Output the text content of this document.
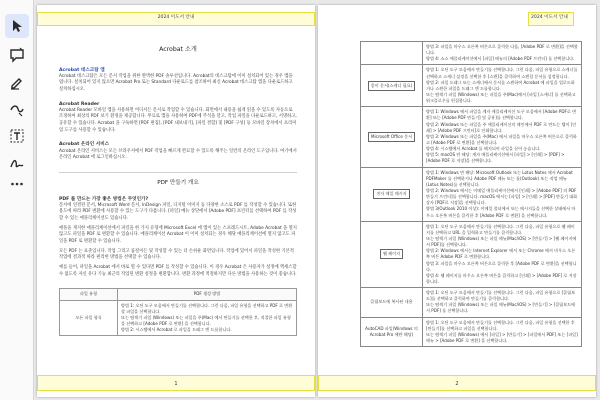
2024 이도서 안내
Acrobat 소개
Acrobat 데스크탑 앱
Acrobat 데스크탑은 모든 문서 작업을 위한 완벽한 PDF 솔루션입니다. Acrobat의 데스크탑에 이미 설치되어 있는 경우 앱을 엽니다. 설치되어 있지 않으면 Acrobat Pro 또는 Standard 다운로드를 참조하여 최신 Acrobat 데스크탑 앱을 다운로드하고 설치하십시오.
Acrobat Reader
Acrobat Reader 모바일 앱을 사용하면 어디서든 문서로 작업할 수 있습니다. 화면에서 내용을 쉽게 읽을 수 있도록 자동으로 조정하여 최상의 PDF 보기 환경을 제공합니다. 무료로 앱을 사용하여 PDF에 주석을 달고, 작업 파일을 다운로드하고, 서명하고, 공유할 수 있습니다. Acrobat 을 구독하면 [PDF 편집], [PDF 내보내기], [파일 결합] 및 [PDF 구성] 등 모바일 장치에서 프리미엄 도구를 사용할 수 있습니다.
Acrobat 온라인 서비스
Acrobat 온라인 서비스는 모든 브라우저에서 PDF 작업을 빠르게 완료할 수 있도록 해주는 일련의 온라인 도구입니다. 여기에서 온라인 Acrobat 에 로그인하십시오.
PDF 만들기 개요
PDF 를 만드는 가장 좋은 방법은 무엇인가?
문서에 연결된 문서, Microsoft Word 문서, InDesign 파일, 디지털 이미지 등 다양한 소스로 PDF 를 작성할 수 있습니다. 또한 용도에 따라 PDF 변환에 사용할 수 있는 도구가 다릅니다. [파일] 메뉴 상단에서 [Adobe PDF] 프린터를 선택하여 PDF 를 작성할 수 있는 애플리케이션도 있습니다.
애플을 계지한 애플리케이션에서 파일을 한 가지 유형에 Microsoft Excel 에 앱이 있는 스프레드시트, Adobe Acrobat 을 열지 않고도 파일을 PDF 로 변환할 수 있습니다. 애플리케이션 Acrobat 이 이미 설치되는 경우 해당 애플리케이션에 열지 않고도 파일을 PDF 로 변환할 수 있습니다.
모든 PDF 는 표준입니다. 작업 그리고 품질이든 및 작성할 수 있는 더 손쉬운 화면입니다. 작업에 있어서 파일을 작성한 기본적 작업에 결과적 따라 편리한 방법을 선택할 수 있습니다.
예를 들어, 파일을 Acrobat 에서 바로 열 수 있다면 PDF 를 작성할 수 있습니다. 이 경우 Acrobat 은 사용자가 설정에 액세스할 수 없도록 자신 유다 기능 최근의 작업된 변환 설정을 변환합니다. 변환 과정에 적절하지만 다른 방법을 사용하는 것이 좋습니다.
파일 유형	PDF 생성 방법
모든 파일 형식	방법 1: 오딘 도구 모음에서 만들기를 선택합니다. 그런 다음, 파일 유형을 선택하고 PDF 로 변환할 파일을 선택합니다.
또는 탐색기 파일 (Windows) 또는 파일을 주(Mac) 에서 만들기를 선택한 후, 적절한 파일 유형을 선택하고 [Adobe PDF 로 변환] 을 선택합니다.
방법 2: 시스템에서 Acrobat 로 파일을 드래그 앤 드롭합니다.
1
2024 이도서 안내

	방법 3: 파일을 마우스 오른쪽 버튼으로 클릭한 다음, [Adobe PDF 로 변환]을 선택합니다.
방법 4: 소스 애플리케이션에서 [파일] 메뉴의 [Adobe PDF 프린터] 를 선택합니다.

종이 문서(스캐너 필요)	방법 1: 오딘 도구 모음에서 만들기를 선택합니다. 그런 다음, 파일 유형으로 스캐너를 선택하고 스캐너 설정을 선택한 후 [스캔]을 클릭하여 스캔할 문서를 설정합니다.
방법 2: 파일 드래그 또는 스캐너에서 문서를 스캔하여 Acrobat 에 파일을 업로드하거나 스캔한 파일을 드래그 앤 드롭합니다.
또는 탐색기 파일 (Windows) 또는 파일을 주(Mac)에서 [파일 [스캐너] 를 선택하고 워크플로우를 편집합니다.

Microsoft Office 문서	방법 1: Windows 에서 파일을 계자 애플리케이션 도구 모음에서 [Adobe PDF로 변환] 또는 [Adobe PDF 만들기] 및 공유]를 선택합니다.
방법 2: Windows 또는 파일을 주 애플리케이션의 메인에서 PDF 로 만드는 탭이 [인쇄] > [Adobe PDF 프린터]로 인쇄합니다.
방법 3: Windows 또는 파일을 주(Mac) 에서 파일을 마우스 오른쪽 버튼으로 클릭하고 [Adobe PDF 로 변환]을 선택합니다.
방법 4: 시스템에서 Acrobat 를 해지되어 파일을 끌어 놓습니다.
방법 5: macOS 만 해당: 계자 애플리케이션에서 [파일] > [인쇄] > [PDF] > [Adobe PDF 로 저장]을 선택합니다.

전자 메일 메시지	방법 1: Windows 만 해당: Microsoft Outlook 또는 Lotus Notes 에서 Acrobat PDFMaker 를 선택하거나 Adobe PDF 메뉴 또는 툴(Outlook) 또는 작업 메뉴(Lotus Notes)를 선택합니다.
방법 2: Windows 에서는 이메일 애플리케이션에서 [인쇄] > [Adobe PDF] 의 PDF 만들기 프린터]를 선택합니다. macOS 에서는 [파일] > [인쇄] > [PDF] 만들기 대화 상자 [PDF로 저장]을 선택합니다.
방법 3(Outlook 2010 이상): 이메일 폴더에서 또는 메시지들을 선택한 상태에서 마우스 오른쪽 버튼을 클릭한 후 [Adobe PDF 로 변환] 을 선택합니다.

웹 페이지	방법 1: 오딘 도구 모음에서 만들기를 선택합니다. 그런 다음, 파일 유형으로 웹 페이지를 선택하고 URL 을 입력하고 만들기를 클릭합니다.
또는 탐색기 파일 (Windows) 또는 파일 메뉴(Mac/iOS) > [만들기] > [웹 페이지에서 PDF]를 선택합니다.
방법 2: Windows 에서는 Internet Explorer 에서 또는 Chrome 에서 마우스 오른쪽 버튼 Adobe PDF 로 변환합니다.
방법 3: 파일을 마우스 오른쪽 버튼으로 클릭한 후 [Adobe PDF 로 변환]을 선택합니다.
방법 4: 웹 페이지를 마우스 오른쪽 버튼을 클릭하고 [인쇄] > [Adobe PDF] 로 저장합니다.

클립보드에 복사된 내용	방법 1: 오딘 도구 모음에서 만들기를 선택합니다. 그런 다음, 파일 유형으로 [클립보드]를 선택하고 클릭하여 만들기를 클릭합니다.
또는 탐색기 파일 (Windows) 또는 파일 메뉴(Mac/iOS) > [만들기] > [클립보드에서 PDF] 를 선택합니다.

AutoCAD 파일(Windows 의 Acrobat Pro 에만 해당)	방법 1: 오딘 도구 모음에서 만들기를 선택합니다. 그런 다음, 파일 유형을 선택한 후 [만들기]를 선택하고 파일을 선택합니다.
또는 탐색기 파일 (Windows) 에서 [파일] > [만들기] > [파일에서 PDF] 또는 [파일] 메뉴 > [Adobe PDF 로 변환] 을 선택합니다.
2
